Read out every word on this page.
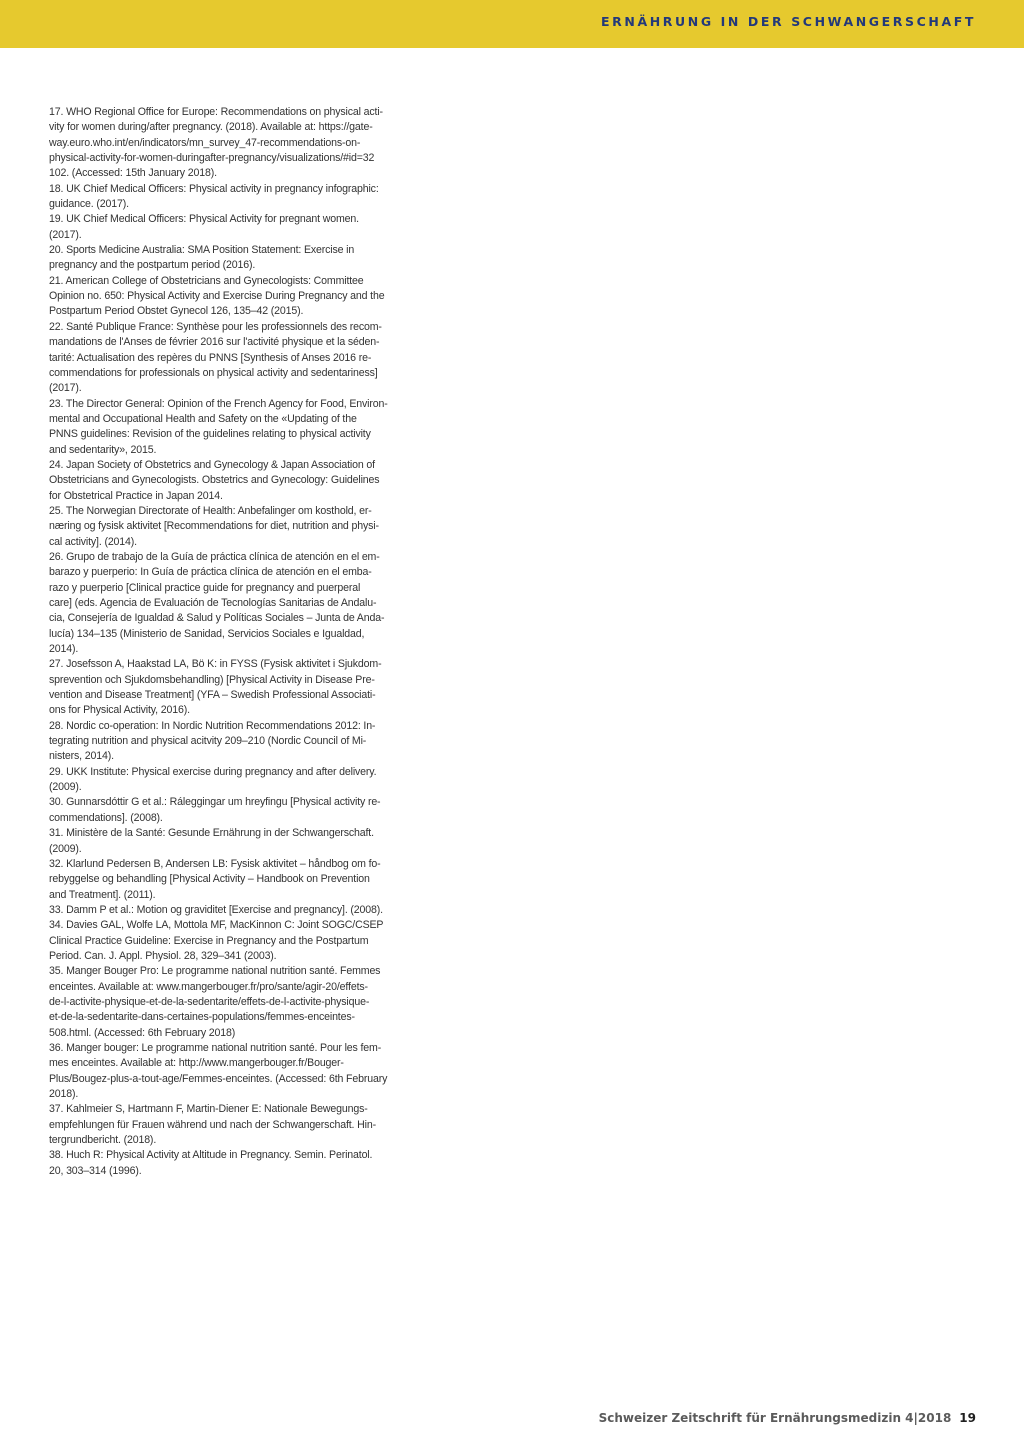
ERNÄHRUNG IN DER SCHWANGERSCHAFT
17. WHO Regional Office for Europe: Recommendations on physical acti-
vity for women during/after pregnancy. (2018). Available at: https://gate-
way.euro.who.int/en/indicators/mn_survey_47-recommendations-on-
physical-activity-for-women-duringafter-pregnancy/visualizations/#id=32
102. (Accessed: 15th January 2018).
18. UK Chief Medical Officers: Physical activity in pregnancy infographic:
guidance. (2017).
19. UK Chief Medical Officers: Physical Activity for pregnant women.
(2017).
20. Sports Medicine Australia: SMA Position Statement: Exercise in
pregnancy and the postpartum period (2016).
21. American College of Obstetricians and Gynecologists: Committee
Opinion no. 650: Physical Activity and Exercise During Pregnancy and the
Postpartum Period Obstet Gynecol 126, 135–42 (2015).
22. Santé Publique France: Synthèse pour les professionnels des recom-
mandations de l'Anses de février 2016 sur l'activité physique et la séden-
tarité: Actualisation des repères du PNNS [Synthesis of Anses 2016 re-
commendations for professionals on physical activity and sedentariness]
(2017).
23. The Director General: Opinion of the French Agency for Food, Environ-
mental and Occupational Health and Safety on the «Updating of the
PNNS guidelines: Revision of the guidelines relating to physical activity
and sedentarity», 2015.
24. Japan Society of Obstetrics and Gynecology & Japan Association of
Obstetricians and Gynecologists. Obstetrics and Gynecology: Guidelines
for Obstetrical Practice in Japan 2014.
25. The Norwegian Directorate of Health: Anbefalinger om kosthold, er-
næring og fysisk aktivitet [Recommendations for diet, nutrition and physi-
cal activity]. (2014).
26. Grupo de trabajo de la Guía de práctica clínica de atención en el em-
barazo y puerperio: In Guía de práctica clínica de atención en el emba-
razo y puerperio [Clinical practice guide for pregnancy and puerperal
care] (eds. Agencia de Evaluación de Tecnologías Sanitarias de Andalu-
cia, Consejería de Igualdad & Salud y Políticas Sociales – Junta de Anda-
lucía) 134–135 (Ministerio de Sanidad, Servicios Sociales e Igualdad,
2014).
27. Josefsson A, Haakstad LA, Bö K: in FYSS (Fysisk aktivitet i Sjukdom-
sprevention och Sjukdomsbehandling) [Physical Activity in Disease Pre-
vention and Disease Treatment] (YFA – Swedish Professional Associati-
ons for Physical Activity, 2016).
28. Nordic co-operation: In Nordic Nutrition Recommendations 2012: In-
tegrating nutrition and physical acitvity 209–210 (Nordic Council of Mi-
nisters, 2014).
29. UKK Institute: Physical exercise during pregnancy and after delivery.
(2009).
30. Gunnarsdóttir G et al.: Ráleggingar um hreyfingu [Physical activity re-
commendations]. (2008).
31. Ministère de la Santé: Gesunde Ernährung in der Schwangerschaft.
(2009).
32. Klarlund Pedersen B, Andersen LB: Fysisk aktivitet – håndbog om fo-
rebyggelse og behandling [Physical Activity – Handbook on Prevention
and Treatment]. (2011).
33. Damm P et al.: Motion og graviditet [Exercise and pregnancy]. (2008).
34. Davies GAL, Wolfe LA, Mottola MF, MacKinnon C: Joint SOGC/CSEP
Clinical Practice Guideline: Exercise in Pregnancy and the Postpartum
Period. Can. J. Appl. Physiol. 28, 329–341 (2003).
35. Manger Bouger Pro: Le programme national nutrition santé. Femmes
enceintes. Available at: www.mangerbouger.fr/pro/sante/agir-20/effets-
de-l-activite-physique-et-de-la-sedentarite/effets-de-l-activite-physique-
et-de-la-sedentarite-dans-certaines-populations/femmes-enceintes-
508.html. (Accessed: 6th February 2018)
36. Manger bouger: Le programme national nutrition santé. Pour les fem-
mes enceintes. Available at: http://www.mangerbouger.fr/Bouger-
Plus/Bougez-plus-a-tout-age/Femmes-enceintes. (Accessed: 6th February
2018).
37. Kahlmeier S, Hartmann F, Martin-Diener E: Nationale Bewegungs-
empfehlungen für Frauen während und nach der Schwangerschaft. Hin-
tergrundbericht. (2018).
38. Huch R: Physical Activity at Altitude in Pregnancy. Semin. Perinatol.
20, 303–314 (1996).
Schweizer Zeitschrift für Ernährungsmedizin 4|2018 19
